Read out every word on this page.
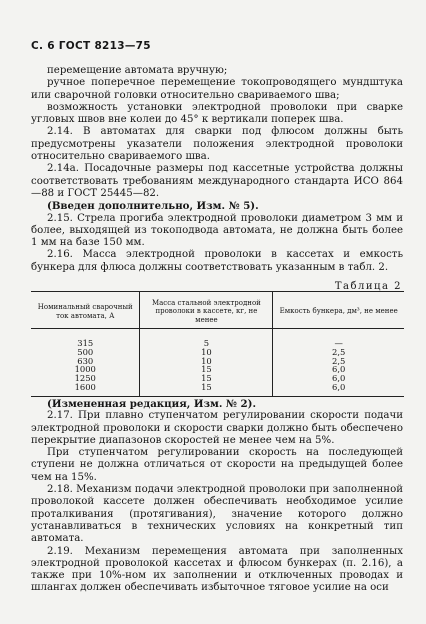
С. 6 ГОСТ 8213—75

перемещение автомата вручную;

ручное поперечное перемещение токопроводящего мундштука или сварочной головки относительно свариваемого шва;

возможность установки электродной проволоки при сварке угловых швов вне колеи до 45° к вертикали поперек шва.

2.14. В автоматах для сварки под флюсом должны быть предусмотрены указатели положения электродной проволоки относительно свариваемого шва.

2.14а. Посадочные размеры под кассетные устройства должны соответствовать требованиям международного стандарта ИСО 864—88 и ГОСТ 25445—82.

(Введен дополнительно, Изм. № 5).

2.15. Стрела прогиба электродной проволоки диаметром 3 мм и более, выходящей из токоподвода автомата, не должна быть более 1 мм на базе 150 мм.

2.16. Масса электродной проволоки в кассетах и емкость бункера для флюса должны соответствовать указанным в табл. 2.

Таблица 2
Номинальный сварочный ток автомата, А	Масса стальной электродной проволоки в кассете, кг, не менее	Емкость бункера, дм³, не менее
315	5	—
500	10	2,5
630	10	2,5
1000	15	6,0
1250	15	6,0
1600	15	6,0

(Измененная редакция, Изм. № 2).

2.17. При плавно ступенчатом регулировании скорости подачи электродной проволоки и скорости сварки должно быть обеспечено перекрытие диапазонов скоростей не менее чем на 5%.

При ступенчатом регулировании скорость на последующей ступени не должна отличаться от скорости на предыдущей более чем на 15%.

2.18. Механизм подачи электродной проволоки при заполненной проволокой кассете должен обеспечивать необходимое усилие проталкивания (протягивания), значение которого должно устанавливаться в технических условиях на конкретный тип автомата.

2.19. Механизм перемещения автомата при заполненных электродной проволокой кассетах и флюсом бункерах (п. 2.16), а также при 10%-ном их заполнении и отключенных проводах и шлангах должен обеспечивать избыточное тяговое усилие на оси
